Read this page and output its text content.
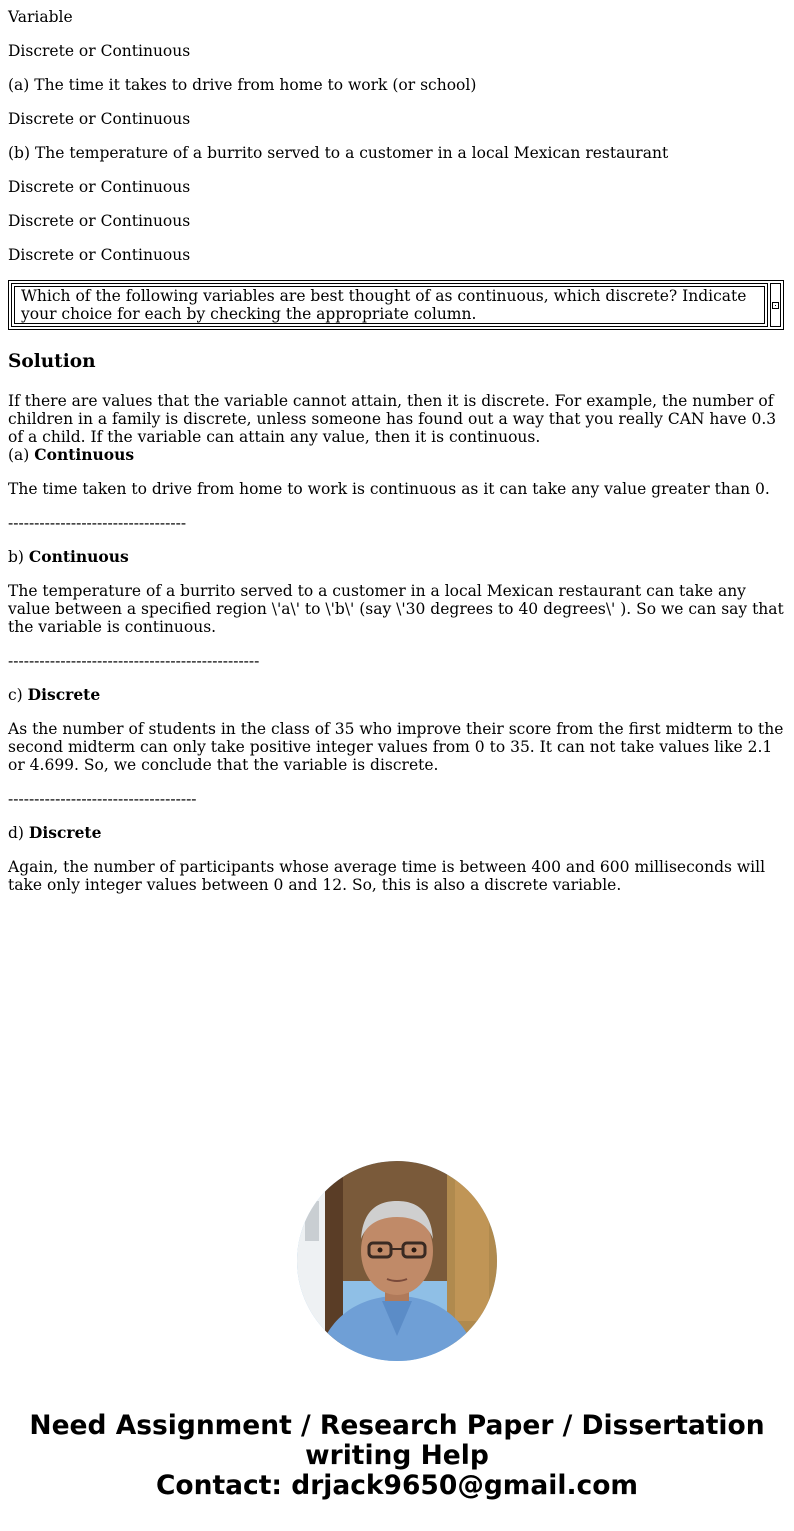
Variable

Discrete or Continuous

(a) The time it takes to drive from home to work (or school)

Discrete or Continuous

(b) The temperature of a burrito served to a customer in a local Mexican restaurant

Discrete or Continuous

Discrete or Continuous

Discrete or Continuous

Which of the following variables are best thought of as continuous, which discrete? Indicate your choice for each by checking the appropriate column.
Solution
If there are values that the variable cannot attain, then it is discrete. For example, the number of children in a family is discrete, unless someone has found out a way that you really CAN have 0.3 of a child. If the variable can attain any value, then it is continuous.
(a) Continuous

The time taken to drive from home to work is continuous as it can take any value greater than 0.

----------------------------------

b) Continuous

The temperature of a burrito served to a customer in a local Mexican restaurant can take any value between a specified region \'a\' to \'b\' (say \'30 degrees to 40 degrees\' ). So we can say that the variable is continuous.

------------------------------------------------

c) Discrete

As the number of students in the class of 35 who improve their score from the first midterm to the second midterm can only take positive integer values from 0 to 35. It can not take values like 2.1 or 4.699. So, we conclude that the variable is discrete.

------------------------------------

d) Discrete

Again, the number of participants whose average time is between 400 and 600 milliseconds will take only integer values between 0 and 12. So, this is also a discrete variable.

Need Assignment / Research Paper / Dissertation
writing Help
Contact: drjack9650@gmail.com
